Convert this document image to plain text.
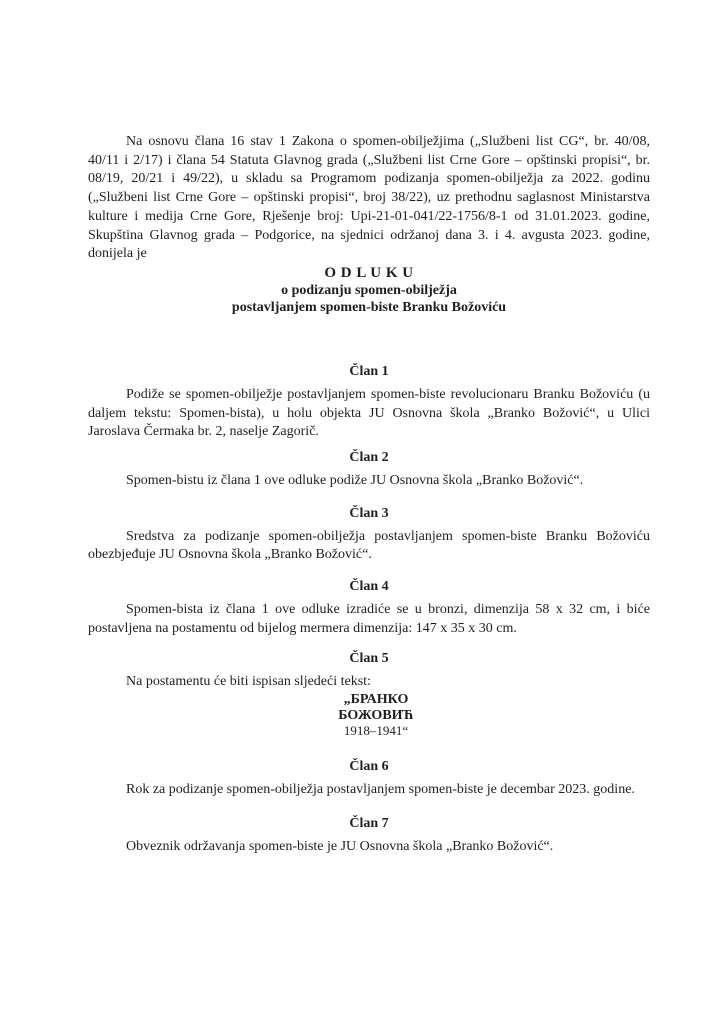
Na osnovu člana 16 stav 1 Zakona o spomen-obilježjima („Službeni list CG“, br. 40/08, 40/11 i 2/17) i člana 54 Statuta Glavnog grada („Službeni list Crne Gore – opštinski propisi“, br. 08/19, 20/21 i 49/22), u skladu sa Programom podizanja spomen-obilježja za 2022. godinu („Službeni list Crne Gore – opštinski propisi“, broj 38/22), uz prethodnu saglasnost Ministarstva kulture i medija Crne Gore, Rješenje broj: Upi-21-01-041/22-1756/8-1 od 31.01.2023. godine, Skupština Glavnog grada – Podgorice, na sjednici održanoj dana 3. i 4. avgusta 2023. godine, donijela je

O D L U K U
o podizanju spomen-obilježja
postavljanjem spomen-biste Branku Božoviću
Član 1

Podiže se spomen-obilježje postavljanjem spomen-biste revolucionaru Branku Božoviću (u daljem tekstu: Spomen-bista), u holu objekta JU Osnovna škola „Branko Božović“, u Ulici Jaroslava Čermaka br. 2, naselje Zagorič.

Član 2

Spomen-bistu iz člana 1 ove odluke podiže JU Osnovna škola „Branko Božović“.

Član 3

Sredstva za podizanje spomen-obilježja postavljanjem spomen-biste Branku Božoviću obezbjeđuje JU Osnovna škola „Branko Božović“.

Član 4

Spomen-bista iz člana 1 ove odluke izradiće se u bronzi, dimenzija 58 x 32 cm, i biće postavljena na postamentu od bijelog mermera dimenzija: 147 x 35 x 30 cm.

Član 5

Na postamentu će biti ispisan sljedeći tekst:

„БРАНКО
БОЖОВИЋ
1918–1941“
Član 6

Rok za podizanje spomen-obilježja postavljanjem spomen-biste je decembar 2023. godine.

Član 7

Obveznik održavanja spomen-biste je JU Osnovna škola „Branko Božović“.
